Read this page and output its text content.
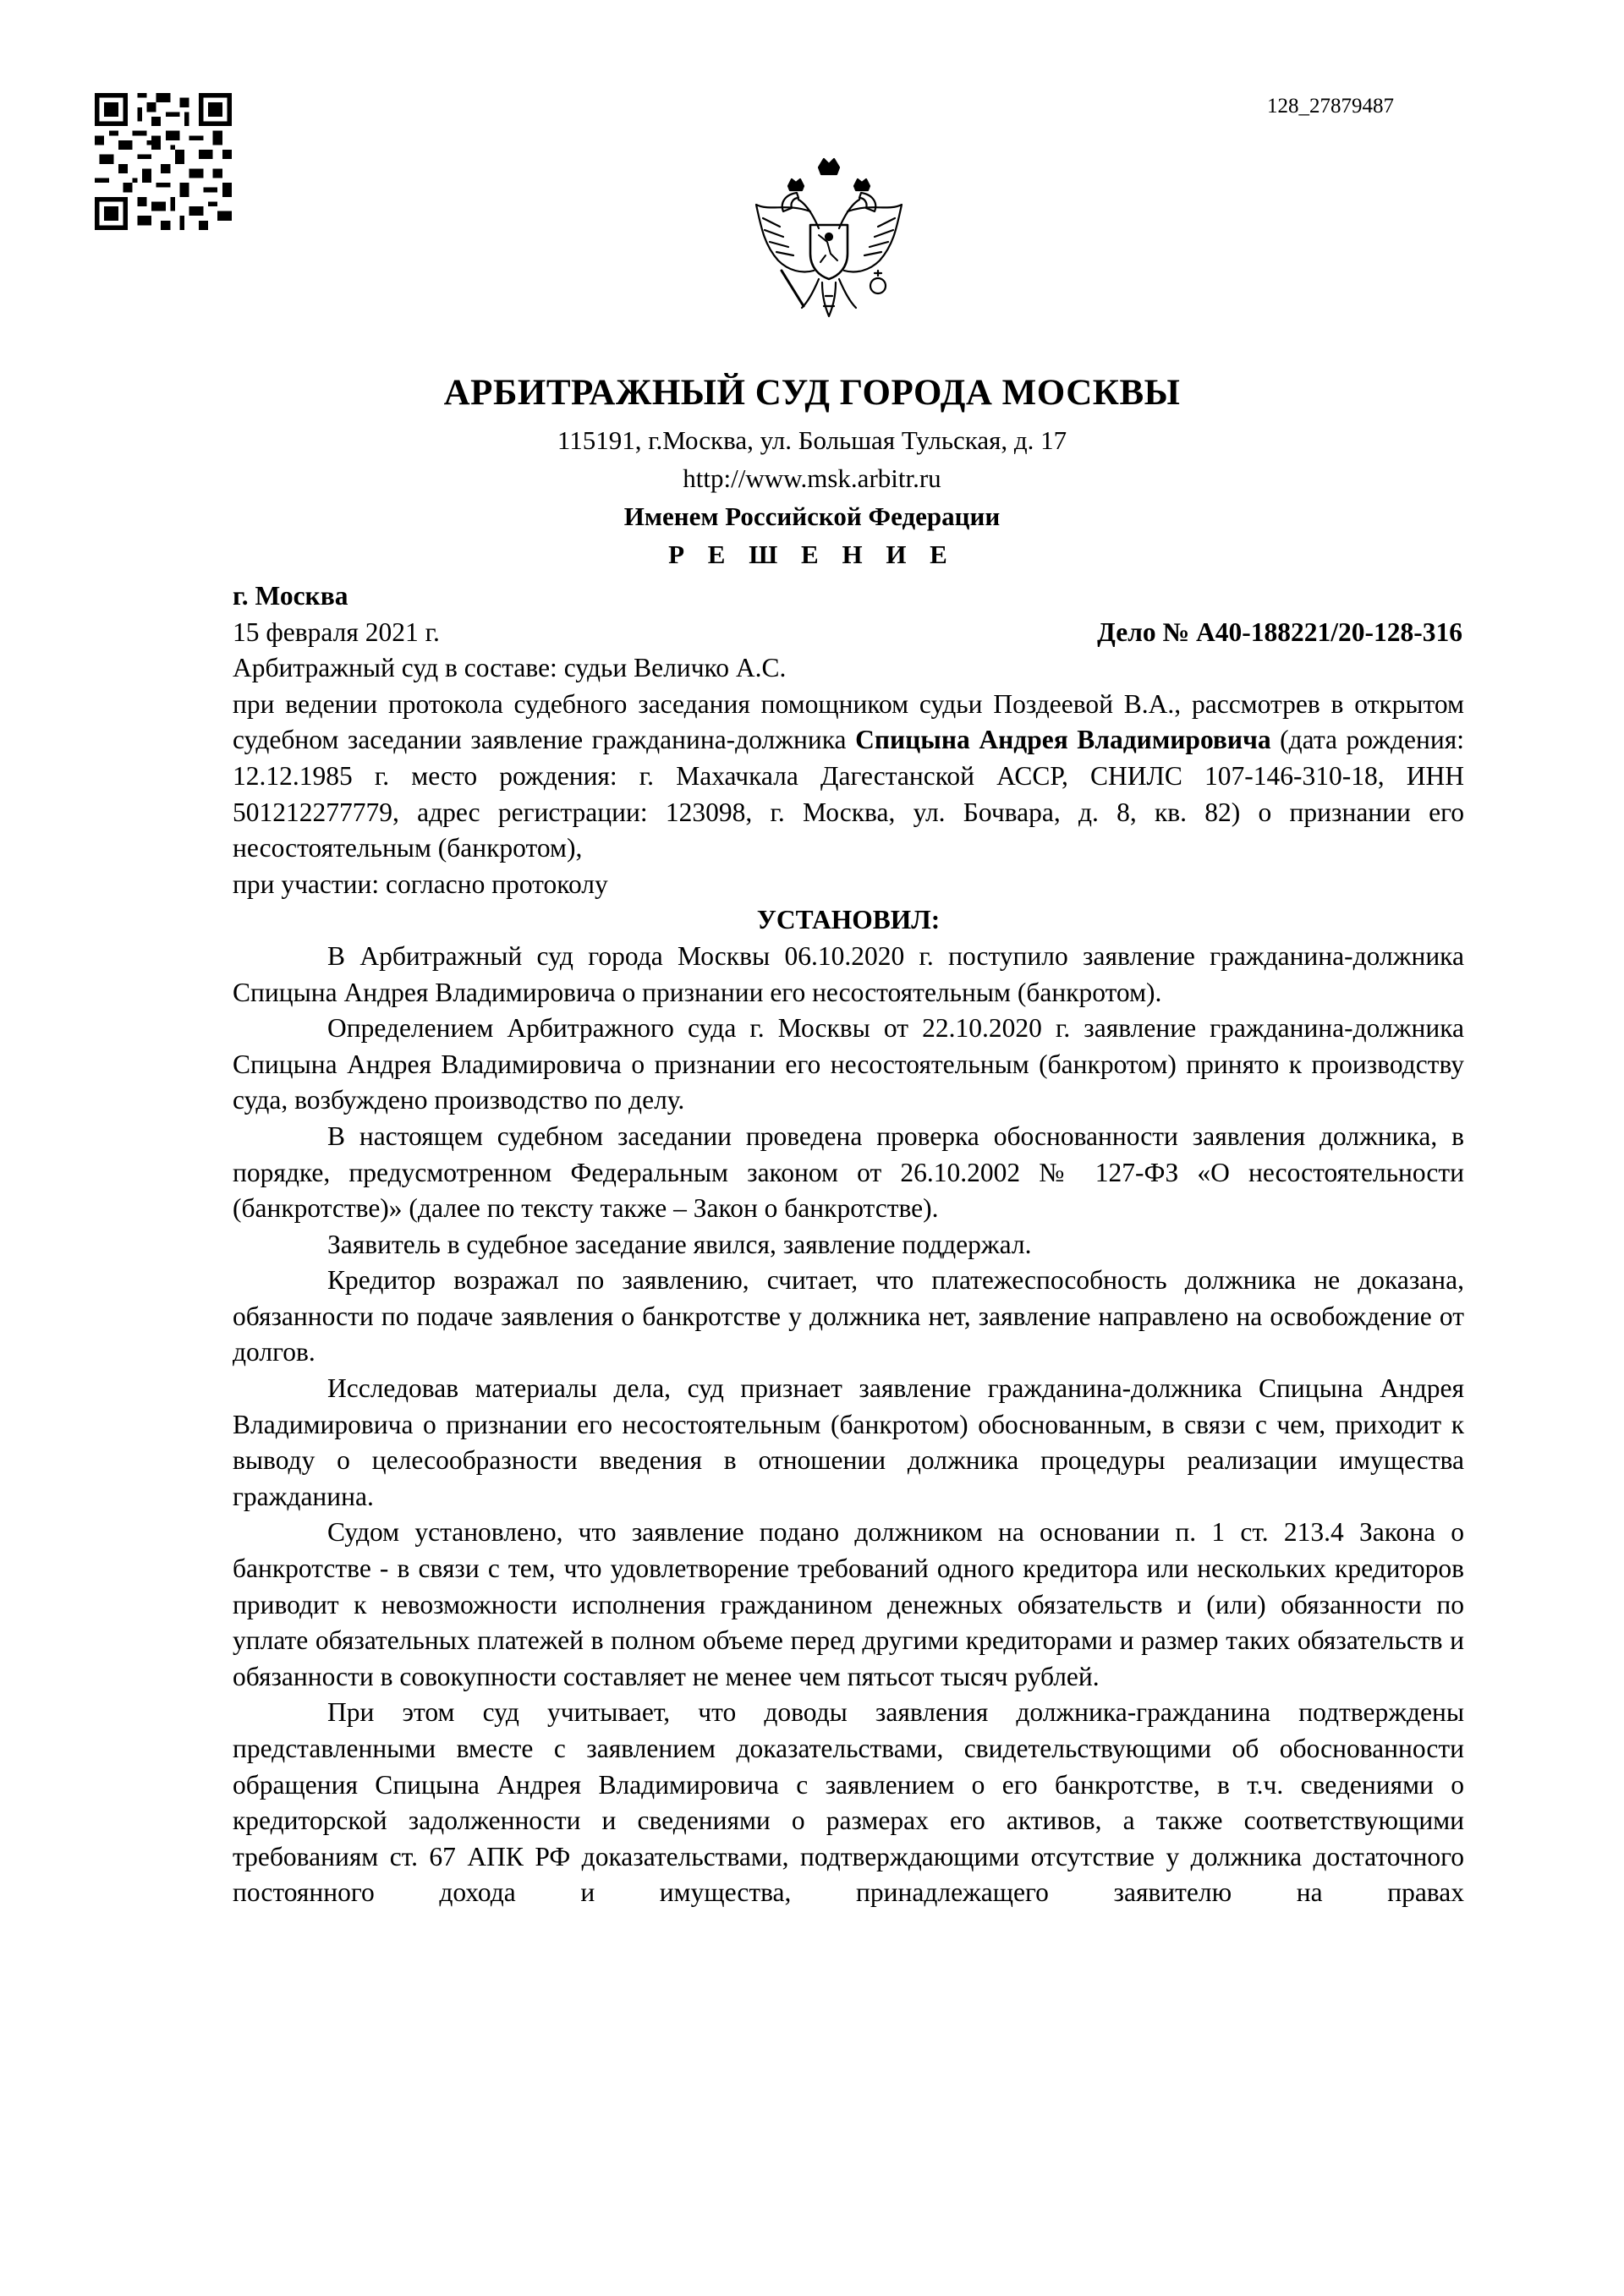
128_27879487
АРБИТРАЖНЫЙ СУД ГОРОДА МОСКВЫ
115191, г.Москва, ул. Большая Тульская, д. 17
http://www.msk.arbitr.ru
Именем Российской Федерации
Р Е Ш Е Н И Е

г. Москва

15 февраля 2021 г.	Дело № А40-188221/20-128-316

Арбитражный суд в составе: судьи Величко А.С.

при ведении протокола судебного заседания помощником судьи Поздеевой В.А., рассмотрев в открытом судебном заседании заявление гражданина-должника Спицына Андрея Владимировича (дата рождения: 12.12.1985 г. место рождения: г. Махачкала Дагестанской АССР, СНИЛС 107-146-310-18, ИНН 501212277779, адрес регистрации: 123098, г. Москва, ул. Бочвара, д. 8, кв. 82) о признании его несостоятельным (банкротом),

при участии: согласно протоколу

УСТАНОВИЛ:

В Арбитражный суд города Москвы 06.10.2020 г. поступило заявление гражданина-должника Спицына Андрея Владимировича о признании его несостоятельным (банкротом).

Определением Арбитражного суда г. Москвы от 22.10.2020 г. заявление гражданина-должника Спицына Андрея Владимировича о признании его несостоятельным (банкротом) принято к производству суда, возбуждено производство по делу.

В настоящем судебном заседании проведена проверка обоснованности заявления должника, в порядке, предусмотренном Федеральным законом от 26.10.2002 № 127-ФЗ «О несостоятельности (банкротстве)» (далее по тексту также – Закон о банкротстве).

Заявитель в судебное заседание явился, заявление поддержал.

Кредитор возражал по заявлению, считает, что платежеспособность должника не доказана, обязанности по подаче заявления о банкротстве у должника нет, заявление направлено на освобождение от долгов.

Исследовав материалы дела, суд признает заявление гражданина-должника Спицына Андрея Владимировича о признании его несостоятельным (банкротом) обоснованным, в связи с чем, приходит к выводу о целесообразности введения в отношении должника процедуры реализации имущества гражданина.

Судом установлено, что заявление подано должником на основании п. 1 ст. 213.4 Закона о банкротстве - в связи с тем, что удовлетворение требований одного кредитора или нескольких кредиторов приводит к невозможности исполнения гражданином денежных обязательств и (или) обязанности по уплате обязательных платежей в полном объеме перед другими кредиторами и размер таких обязательств и обязанности в совокупности составляет не менее чем пятьсот тысяч рублей.

При этом суд учитывает, что доводы заявления должника-гражданина подтверждены представленными вместе с заявлением доказательствами, свидетельствующими об обоснованности обращения Спицына Андрея Владимировича с заявлением о его банкротстве, в т.ч. сведениями о кредиторской задолженности и сведениями о размерах его активов, а также соответствующими требованиям ст. 67 АПК РФ доказательствами, подтверждающими отсутствие у должника достаточного постоянного дохода и имущества, принадлежащего заявителю на правах
